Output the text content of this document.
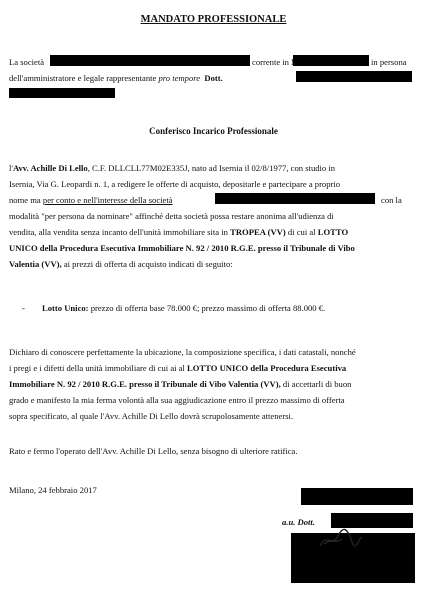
MANDATO PROFESSIONALE
La società	corrente in	in persona
dell'amministratore e legale rappresentante pro tempore Dott.
Conferisco Incarico Professionale
l'Avv. Achille Di Lello, C.F. DLLCLL77M02E335J, nato ad Isernia il 02/8/1977, con studio in
Isernia, Via G. Leopardi n. 1, a redigere le offerte di acquisto, depositarle e partecipare a proprio
nome ma per conto e nell'interesse della società	con la
modalità "per persona da nominare" affinché detta società possa restare anonima all'udienza di
vendita, alla vendita senza incanto dell'unità immobiliare sita in TROPEA (VV) di cui al LOTTO
UNICO della Procedura Esecutiva Immobiliare N. 92 / 2010 R.G.E. presso il Tribunale di Vibo
Valentia (VV), ai prezzi di offerta di acquisto indicati di seguito:
- Lotto Unico: prezzo di offerta base 78.000 €; prezzo massimo di offerta 88.000 €.
Dichiaro di conoscere perfettamente la ubicazione, la composizione specifica, i dati catastali, nonché
i pregi e i difetti della unità immobiliare di cui ai al LOTTO UNICO della Procedura Esecutiva
Immobiliare N. 92 / 2010 R.G.E. presso il Tribunale di Vibo Valentia (VV), di accettarli di buon
grado e manifesto la mia ferma volontà alla sua aggiudicazione entro il prezzo massimo di offerta
sopra specificato, al quale l'Avv. Achille Di Lello dovrà scrupolosamente attenersi.
Rato e fermo l'operato dell'Avv. Achille Di Lello, senza bisogno di ulteriore ratifica.
Milano, 24 febbraio 2017
a.u. Dott.
